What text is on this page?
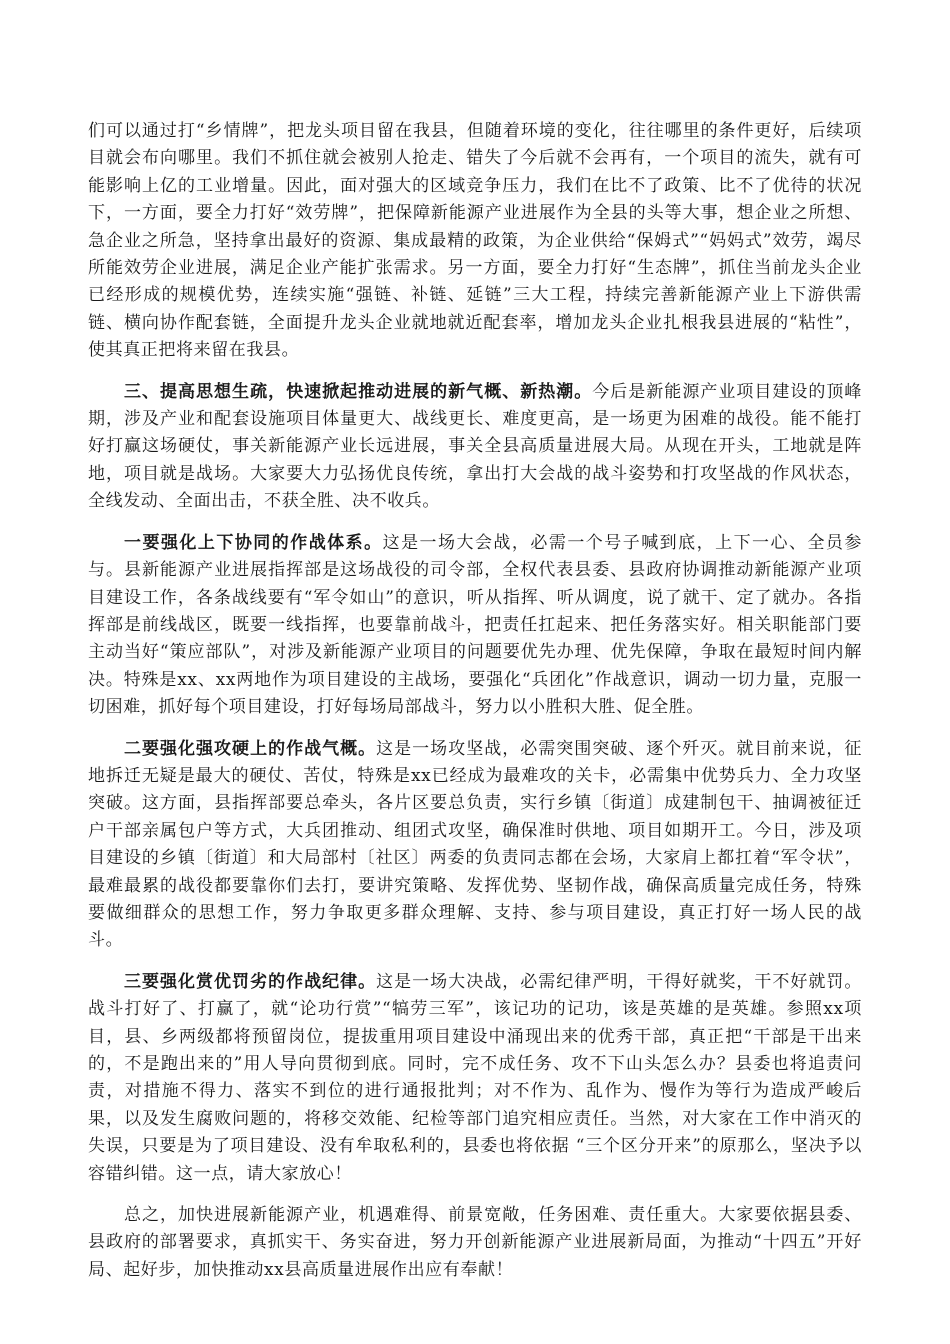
们可以通过打“乡情牌”，把龙头项目留在我县，但随着环境的变化，往往哪里的条件更好，后续项目就会布向哪里。我们不抓住就会被别人抢走、错失了今后就不会再有，一个项目的流失，就有可能影响上亿的工业增量。因此，面对强大的区域竞争压力，我们在比不了政策、比不了优待的状况下，一方面，要全力打好“效劳牌”，把保障新能源产业进展作为全县的头等大事，想企业之所想、急企业之所急，坚持拿出最好的资源、集成最精的政策，为企业供给“保姆式”“妈妈式”效劳，竭尽所能效劳企业进展，满足企业产能扩张需求。另一方面，要全力打好“生态牌”，抓住当前龙头企业已经形成的规模优势，连续实施“强链、补链、延链”三大工程，持续完善新能源产业上下游供需链、横向协作配套链，全面提升龙头企业就地就近配套率，增加龙头企业扎根我县进展的“粘性”，使其真正把将来留在我县。

三、提高思想生疏，快速掀起推动进展的新气概、新热潮。今后是新能源产业项目建设的顶峰期，涉及产业和配套设施项目体量更大、战线更长、难度更高，是一场更为困难的战役。能不能打好打赢这场硬仗，事关新能源产业长远进展，事关全县高质量进展大局。从现在开头，工地就是阵地，项目就是战场。大家要大力弘扬优良传统，拿出打大会战的战斗姿势和打攻坚战的作风状态，全线发动、全面出击，不获全胜、决不收兵。

一要强化上下协同的作战体系。这是一场大会战，必需一个号子喊到底，上下一心、全员参与。县新能源产业进展指挥部是这场战役的司令部，全权代表县委、县政府协调推动新能源产业项目建设工作，各条战线要有“军令如山”的意识，听从指挥、听从调度，说了就干、定了就办。各指挥部是前线战区，既要一线指挥，也要靠前战斗，把责任扛起来、把任务落实好。相关职能部门要主动当好“策应部队”，对涉及新能源产业项目的问题要优先办理、优先保障，争取在最短时间内解决。特殊是xx、xx两地作为项目建设的主战场，要强化“兵团化”作战意识，调动一切力量，克服一切困难，抓好每个项目建设，打好每场局部战斗，努力以小胜积大胜、促全胜。

二要强化强攻硬上的作战气概。这是一场攻坚战，必需突围突破、逐个歼灭。就目前来说，征地拆迁无疑是最大的硬仗、苦仗，特殊是xx已经成为最难攻的关卡，必需集中优势兵力、全力攻坚突破。这方面，县指挥部要总牵头，各片区要总负责，实行乡镇〔街道〕成建制包干、抽调被征迁户干部亲属包户等方式，大兵团推动、组团式攻坚，确保准时供地、项目如期开工。今日，涉及项目建设的乡镇〔街道〕和大局部村〔社区〕两委的负责同志都在会场，大家肩上都扛着“军令状”，最难最累的战役都要靠你们去打，要讲究策略、发挥优势、坚韧作战，确保高质量完成任务，特殊要做细群众的思想工作，努力争取更多群众理解、支持、参与项目建设，真正打好一场人民的战斗。

三要强化赏优罚劣的作战纪律。这是一场大决战，必需纪律严明，干得好就奖，干不好就罚。战斗打好了、打赢了，就“论功行赏”“犒劳三军”，该记功的记功，该是英雄的是英雄。参照xx项目，县、乡两级都将预留岗位，提拔重用项目建设中涌现出来的优秀干部，真正把“干部是干出来的，不是跑出来的”用人导向贯彻到底。同时，完不成任务、攻不下山头怎么办？县委也将追责问责，对措施不得力、落实不到位的进行通报批判；对不作为、乱作为、慢作为等行为造成严峻后果，以及发生腐败问题的，将移交效能、纪检等部门追究相应责任。当然，对大家在工作中消灭的失误，只要是为了项目建设、没有牟取私利的，县委也将依据 “三个区分开来”的原那么，坚决予以容错纠错。这一点，请大家放心！

总之，加快进展新能源产业，机遇难得、前景宽敞，任务困难、责任重大。大家要依据县委、县政府的部署要求，真抓实干、务实奋进，努力开创新能源产业进展新局面，为推动“十四五”开好局、起好步，加快推动xx县高质量进展作出应有奉献！
